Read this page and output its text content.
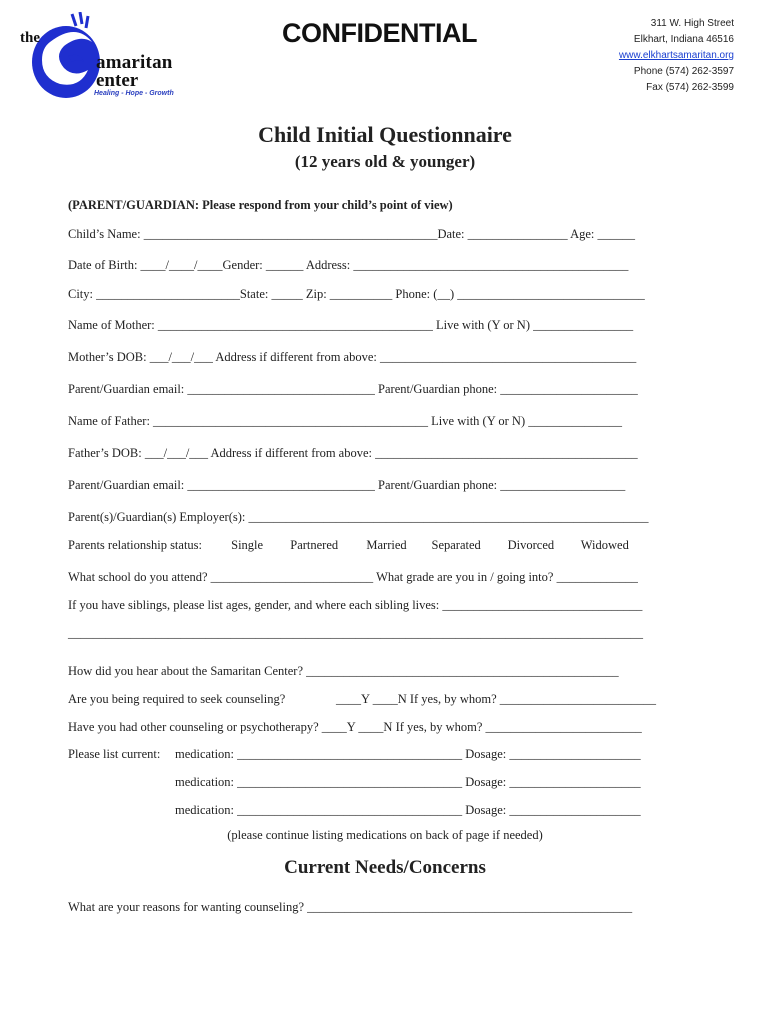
the
amaritan
enter
Healing - Hope - Growth
CONFIDENTIAL	311 W. High Street
Elkhart, Indiana 46516
www.elkhartsamaritan.org
Phone (574) 262-3597
Fax (574) 262-3599
Child Initial Questionnaire
(12 years old & younger)
(PARENT/GUARDIAN: Please respond from your child’s point of view)
Child’s Name: _______________________________________________Date: ________________ Age: ______
Date of Birth: ____/____/____Gender: ______ Address: ____________________________________________
City: _______________________State: _____ Zip: __________ Phone: (__) ______________________________
Name of Mother: ____________________________________________ Live with (Y or N) ________________
Mother’s DOB: ___/___/___ Address if different from above: _________________________________________
Parent/Guardian email: ______________________________ Parent/Guardian phone: ______________________
Name of Father: ____________________________________________ Live with (Y or N) _______________
Father’s DOB: ___/___/___ Address if different from above: __________________________________________
Parent/Guardian email: ______________________________ Parent/Guardian phone: ____________________
Parent(s)/Guardian(s) Employer(s): ________________________________________________________________
Parents relationship status: Single Partnered Married Separated Divorced Widowed
What school do you attend? __________________________ What grade are you in / going into? _____________
If you have siblings, please list ages, gender, and where each sibling lives: ________________________________
____________________________________________________________________________________________
How did you hear about the Samaritan Center? __________________________________________________
Are you being required to seek counseling?	____Y ____N If yes, by whom? _________________________
Have you had other counseling or psychotherapy? ____Y ____N If yes, by whom? _________________________
Please list current: medication: ____________________________________ Dosage: _____________________
medication: ____________________________________ Dosage: _____________________
medication: ____________________________________ Dosage: _____________________
(please continue listing medications on back of page if needed)
Current Needs/Concerns
What are your reasons for wanting counseling? ____________________________________________________
